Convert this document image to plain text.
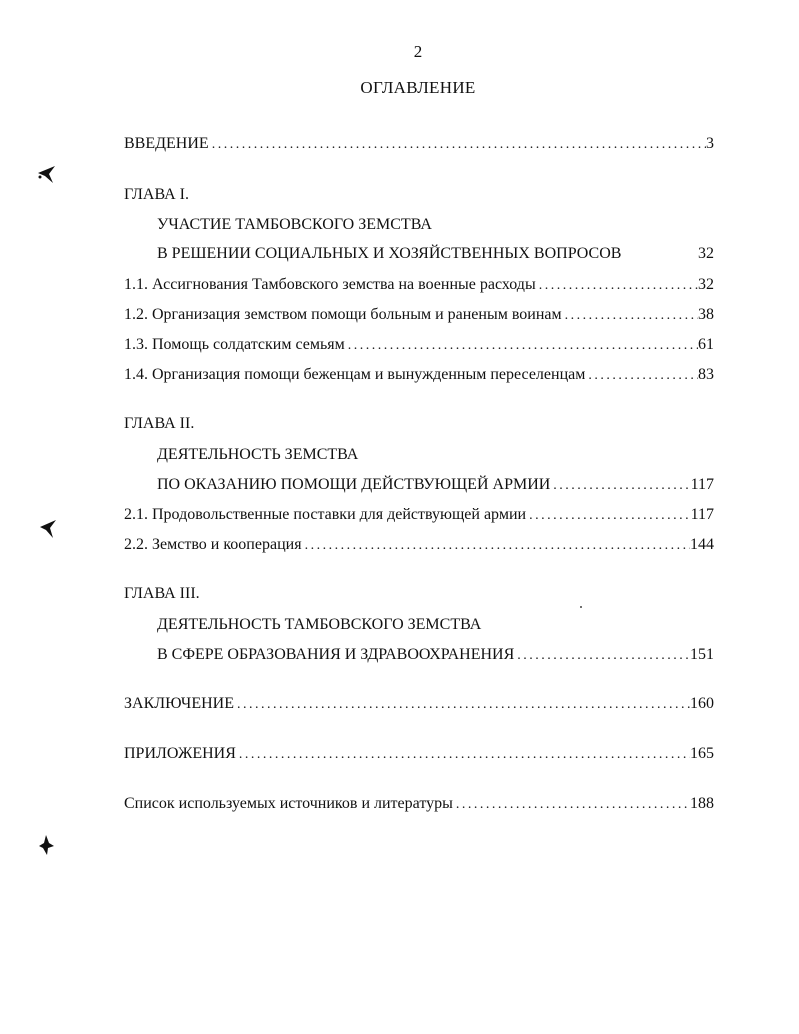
2
ОГЛАВЛЕНИЕ
ВВЕДЕНИЕ . . .	3
ГЛАВА I.
УЧАСТИЕ ТАМБОВСКОГО ЗЕМСТВА
В РЕШЕНИИ СОЦИАЛЬНЫХ И ХОЗЯЙСТВЕННЫХ ВОПРОСОВ	32
1.1. Ассигнования Тамбовского земства на военные расходы . . .	32
1.2. Организация земством помощи больным и раненым воинам . . .	38
1.3. Помощь солдатским семьям . . .	61
1.4. Организация помощи беженцам и вынужденным переселенцам . . .	83
ГЛАВА II.
ДЕЯТЕЛЬНОСТЬ ЗЕМСТВА
ПО ОКАЗАНИЮ ПОМОЩИ ДЕЙСТВУЮЩЕЙ АРМИИ . . .	117
2.1. Продовольственные поставки для действующей армии . . .	117
2.2. Земство и кооперация . . .	144
ГЛАВА III.
ДЕЯТЕЛЬНОСТЬ ТАМБОВСКОГО ЗЕМСТВА
В СФЕРЕ ОБРАЗОВАНИЯ И ЗДРАВООХРАНЕНИЯ . . .	151
ЗАКЛЮЧЕНИЕ . . .	160
ПРИЛОЖЕНИЯ . . .	165
Список используемых источников и литературы . . .	188
